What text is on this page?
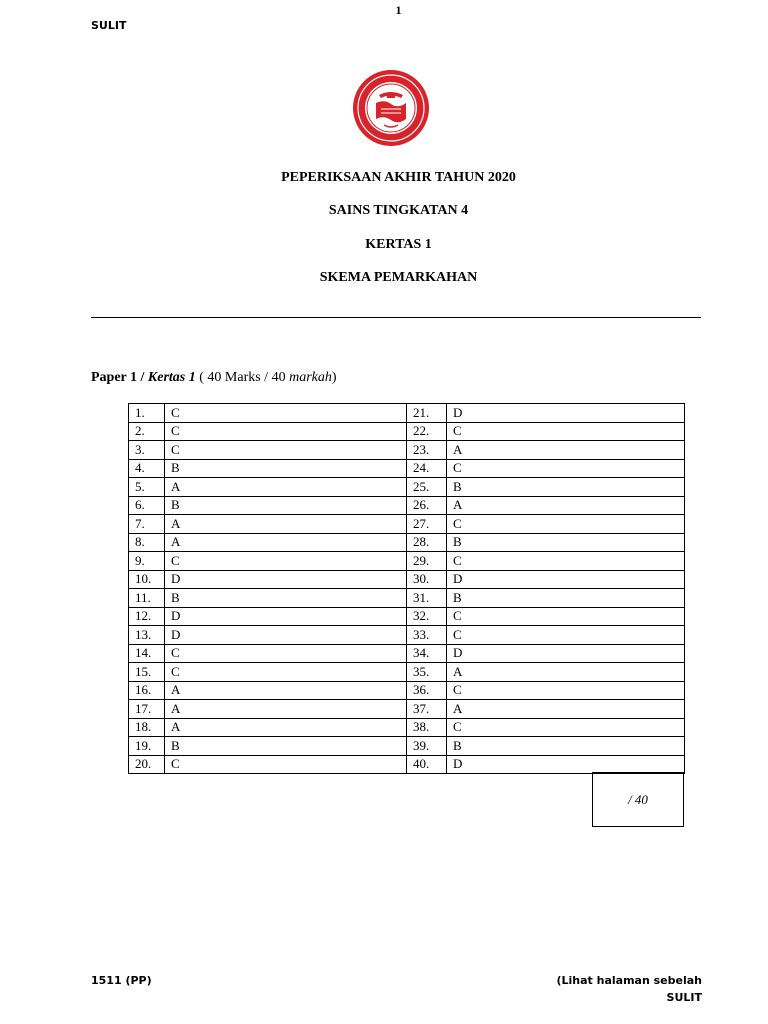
1
SULIT
PEPERIKSAAN AKHIR TAHUN 2020
SAINS TINGKATAN 4
KERTAS 1
SKEMA PEMARKAHAN
Paper 1 / Kertas 1 ( 40 Marks / 40 markah)
1.	C	21.	D
2.	C	22.	C
3.	C	23.	A
4.	B	24.	C
5.	A	25.	B
6.	B	26.	A
7.	A	27.	C
8.	A	28.	B
9.	C	29.	C
10.	D	30.	D
11.	B	31.	B
12.	D	32.	C
13.	D	33.	C
14.	C	34.	D
15.	C	35.	A
16.	A	36.	C
17.	A	37.	A
18.	A	38.	C
19.	B	39.	B
20.	C	40.	D
/ 40
1511 (PP)	(Lihat halaman sebelah
SULIT
